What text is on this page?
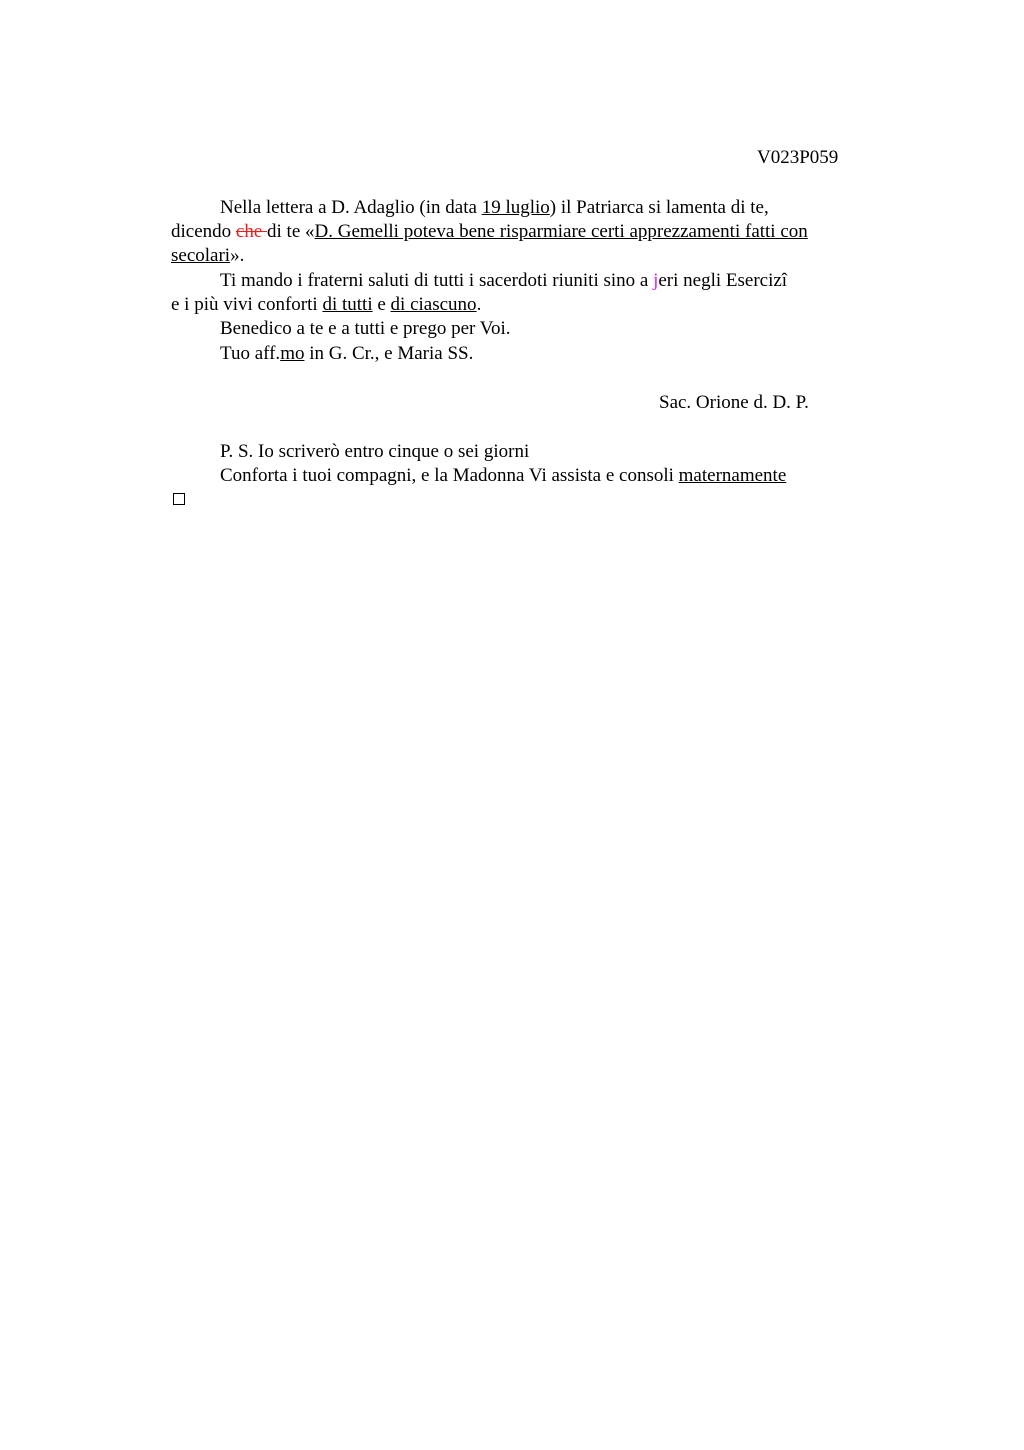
V023P059
Nella lettera a D. Adaglio (in data 19 luglio) il Patriarca si lamenta di te,
dicendo che di te «D. Gemelli poteva bene risparmiare certi apprezzamenti fatti con
secolari».
Ti mando i fraterni saluti di tutti i sacerdoti riuniti sino a jeri negli Esercizi
e i più vivi conforti di tutti e di ciascuno.
Benedico a te e a tutti e prego per Voi.
Tuo aff.mo in G. Cr., e Maria SS.
Sac. Orione d. D. P.
P. S. Io scriverò entro cinque o sei giorni
Conforta i tuoi compagni, e la Madonna Vi assista e consoli maternamente
